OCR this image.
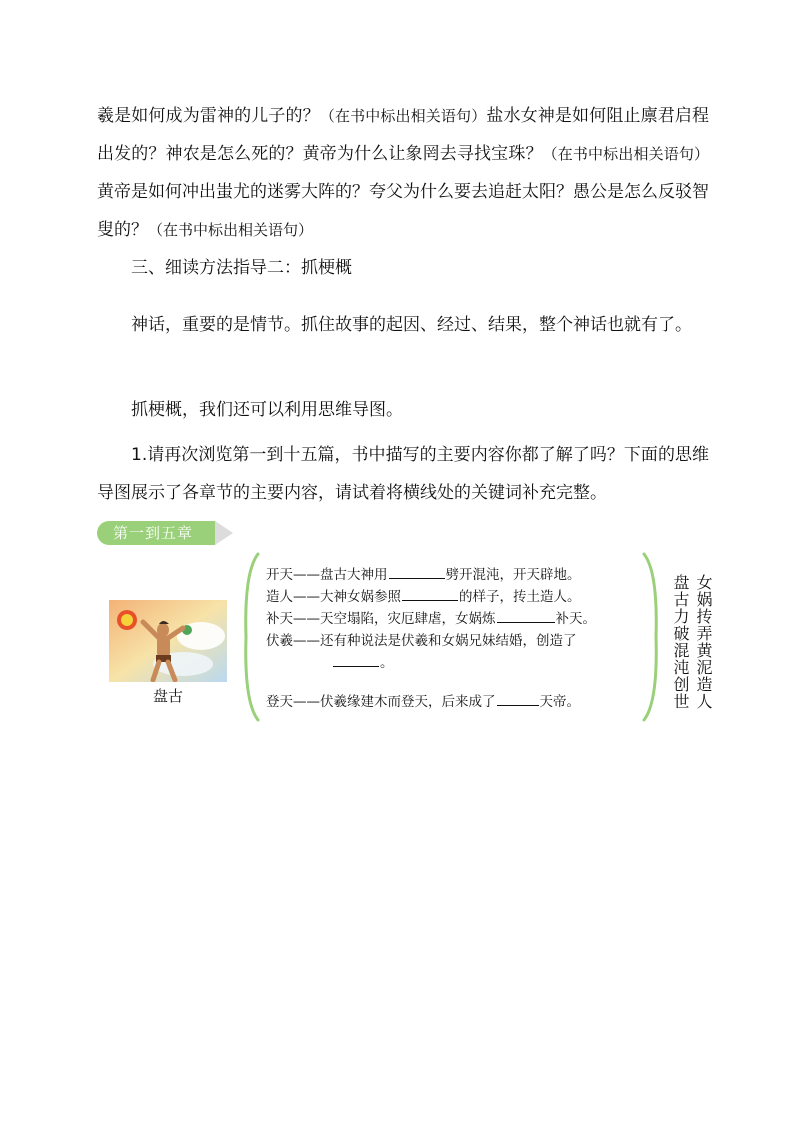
羲是如何成为雷神的儿子的？（在书中标出相关语句）盐水女神是如何阻止廪君启程出发的？神农是怎么死的？黄帝为什么让象罔去寻找宝珠？（在书中标出相关语句）黄帝是如何冲出蚩尤的迷雾大阵的？夸父为什么要去追赶太阳？愚公是怎么反驳智叟的？（在书中标出相关语句）

三、细读方法指导二：抓梗概

神话，重要的是情节。抓住故事的起因、经过、结果，整个神话也就有了。

抓梗概，我们还可以利用思维导图。

1.请再次浏览第一到十五篇，书中描写的主要内容你都了解了吗？下面的思维导图展示了各章节的主要内容，请试着将横线处的关键词补充完整。

第一到五章
盘古
开天——盘古大神用	劈开混沌，开天辟地。
造人——大神女娲参照	的样子，抟土造人。
补天——天空塌陷，灾厄肆虐，女娲炼	补天。
伏羲——还有种说法是伏羲和女娲兄妹结婚，创造了
。
登天——伏羲缘建木而登天，后来成了	天帝。	女娲抟弄黄泥造人
盘古力破混沌创世
